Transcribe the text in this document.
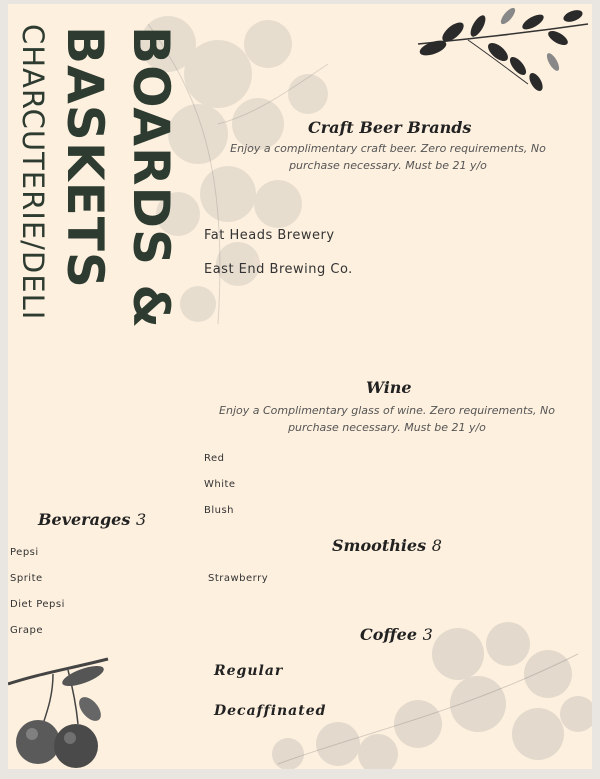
BOARDS &
BASKETS
CHARCUTERIE/DELI	Craft Beer Brands
Enjoy a complimentary craft beer. Zero requirements, No purchase necessary. Must be 21 y/o
Fat Heads Brewery
East End Brewing Co.
Wine
Enjoy a Complimentary glass of wine. Zero requirements, No purchase necessary. Must be 21 y/o
Red
White
Blush
Beverages 3
Pepsi
Sprite
Diet Pepsi
Grape
Smoothies 8
Strawberry
Coffee 3
Regular
Decaffinated
